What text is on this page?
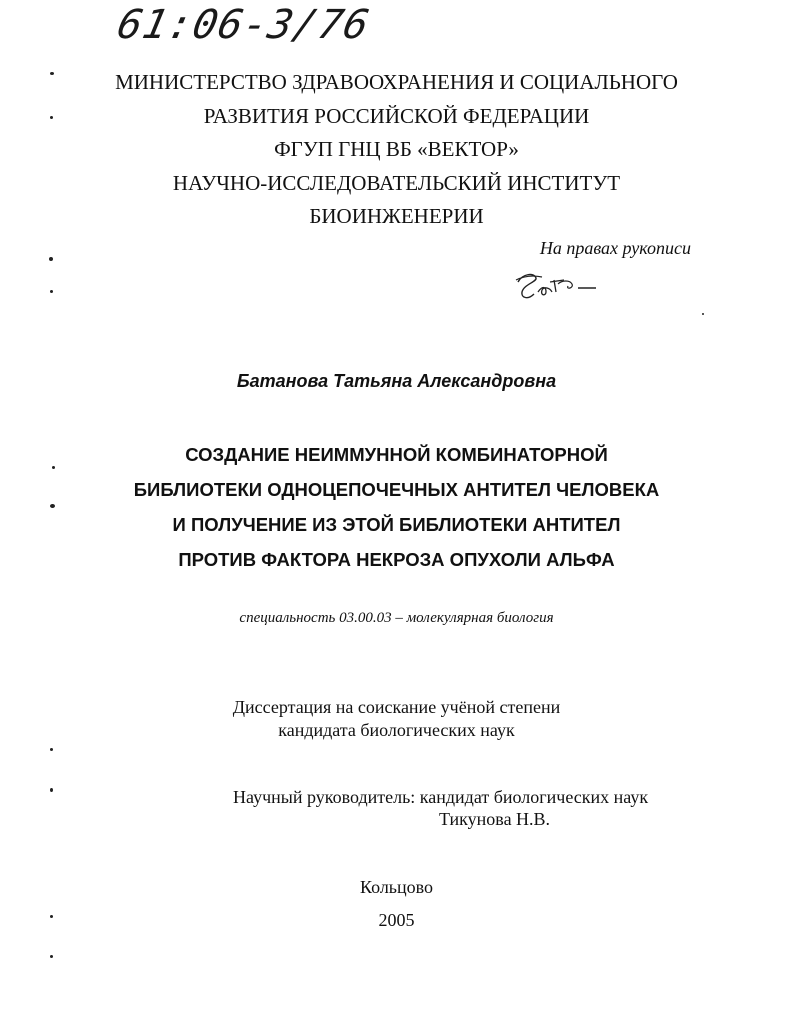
61:06-3/76
МИНИСТЕРСТВО ЗДРАВООХРАНЕНИЯ И СОЦИАЛЬНОГО
РАЗВИТИЯ РОССИЙСКОЙ ФЕДЕРАЦИИ
ФГУП ГНЦ ВБ «ВЕКТОР»
НАУЧНО-ИССЛЕДОВАТЕЛЬСКИЙ ИНСТИТУТ
БИОИНЖЕНЕРИИ
На правах рукописи
Батанова Татьяна Александровна
СОЗДАНИЕ НЕИММУННОЙ КОМБИНАТОРНОЙ
БИБЛИОТЕКИ ОДНОЦЕПОЧЕЧНЫХ АНТИТЕЛ ЧЕЛОВЕКА
И ПОЛУЧЕНИЕ ИЗ ЭТОЙ БИБЛИОТЕКИ АНТИТЕЛ
ПРОТИВ ФАКТОРА НЕКРОЗА ОПУХОЛИ АЛЬФА
специальность 03.00.03 – молекулярная биология
Диссертация на соискание учёной степени
кандидата биологических наук
Научный руководитель: кандидат биологических наук
Тикунова Н.В.
Кольцово
2005
